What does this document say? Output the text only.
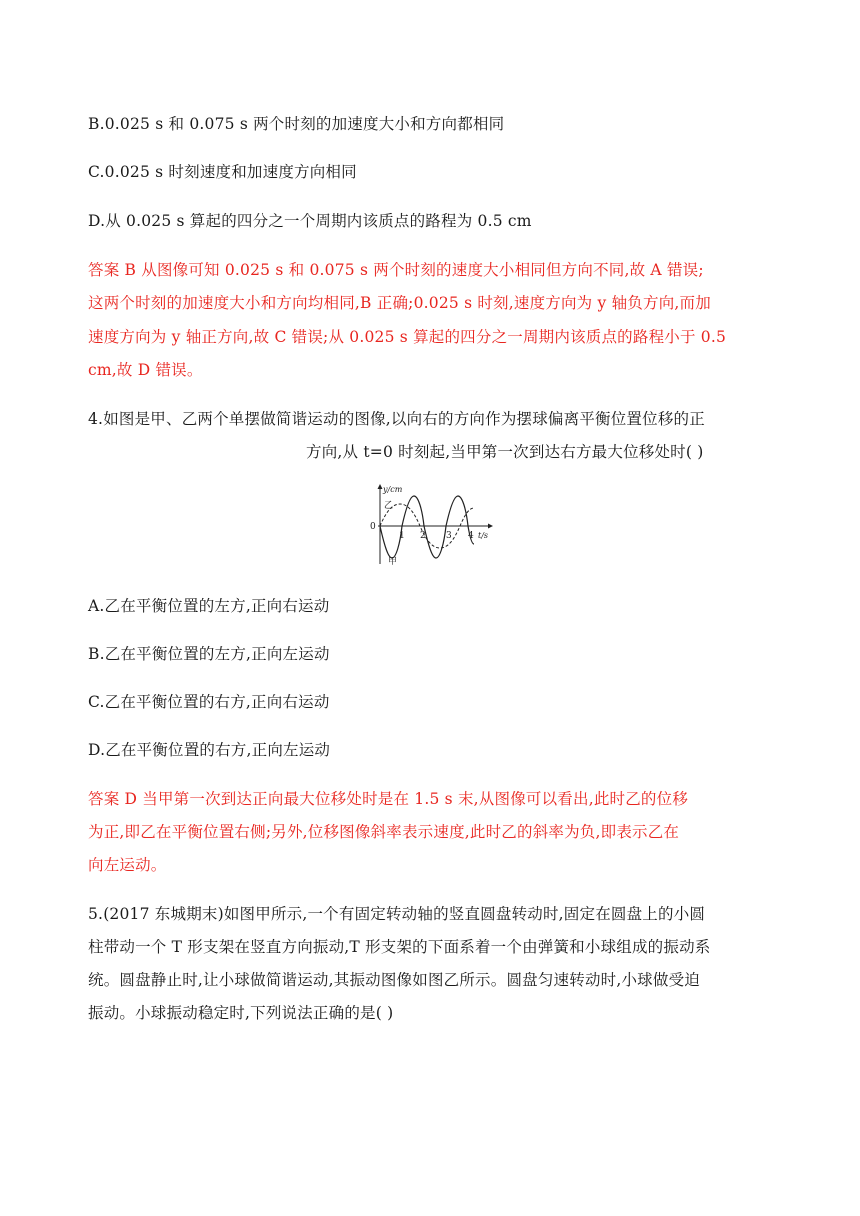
B.0.025 s 和 0.075 s 两个时刻的加速度大小和方向都相同
C.0.025 s 时刻速度和加速度方向相同
D.从 0.025 s 算起的四分之一个周期内该质点的路程为 0.5 cm
答案 B 从图像可知 0.025 s 和 0.075 s 两个时刻的速度大小相同但方向不同,故 A 错误;
这两个时刻的加速度大小和方向均相同,B 正确;0.025 s 时刻,速度方向为 y 轴负方向,而加
速度方向为 y 轴正方向,故 C 错误;从 0.025 s 算起的四分之一周期内该质点的路程小于 0.5
cm,故 D 错误。
4.如图是甲、乙两个单摆做简谐运动的图像,以向右的方向作为摆球偏离平衡位置位移的正
方向,从 t=0 时刻起,当甲第一次到达右方最大位移处时( )
y/cm
t/s
0
1 2 3 4
乙
甲
A.乙在平衡位置的左方,正向右运动
B.乙在平衡位置的左方,正向左运动
C.乙在平衡位置的右方,正向右运动
D.乙在平衡位置的右方,正向左运动
答案 D 当甲第一次到达正向最大位移处时是在 1.5 s 末,从图像可以看出,此时乙的位移
为正,即乙在平衡位置右侧;另外,位移图像斜率表示速度,此时乙的斜率为负,即表示乙在
向左运动。
5.(2017 东城期末)如图甲所示,一个有固定转动轴的竖直圆盘转动时,固定在圆盘上的小圆
柱带动一个 T 形支架在竖直方向振动,T 形支架的下面系着一个由弹簧和小球组成的振动系
统。圆盘静止时,让小球做简谐运动,其振动图像如图乙所示。圆盘匀速转动时,小球做受迫
振动。小球振动稳定时,下列说法正确的是( )
